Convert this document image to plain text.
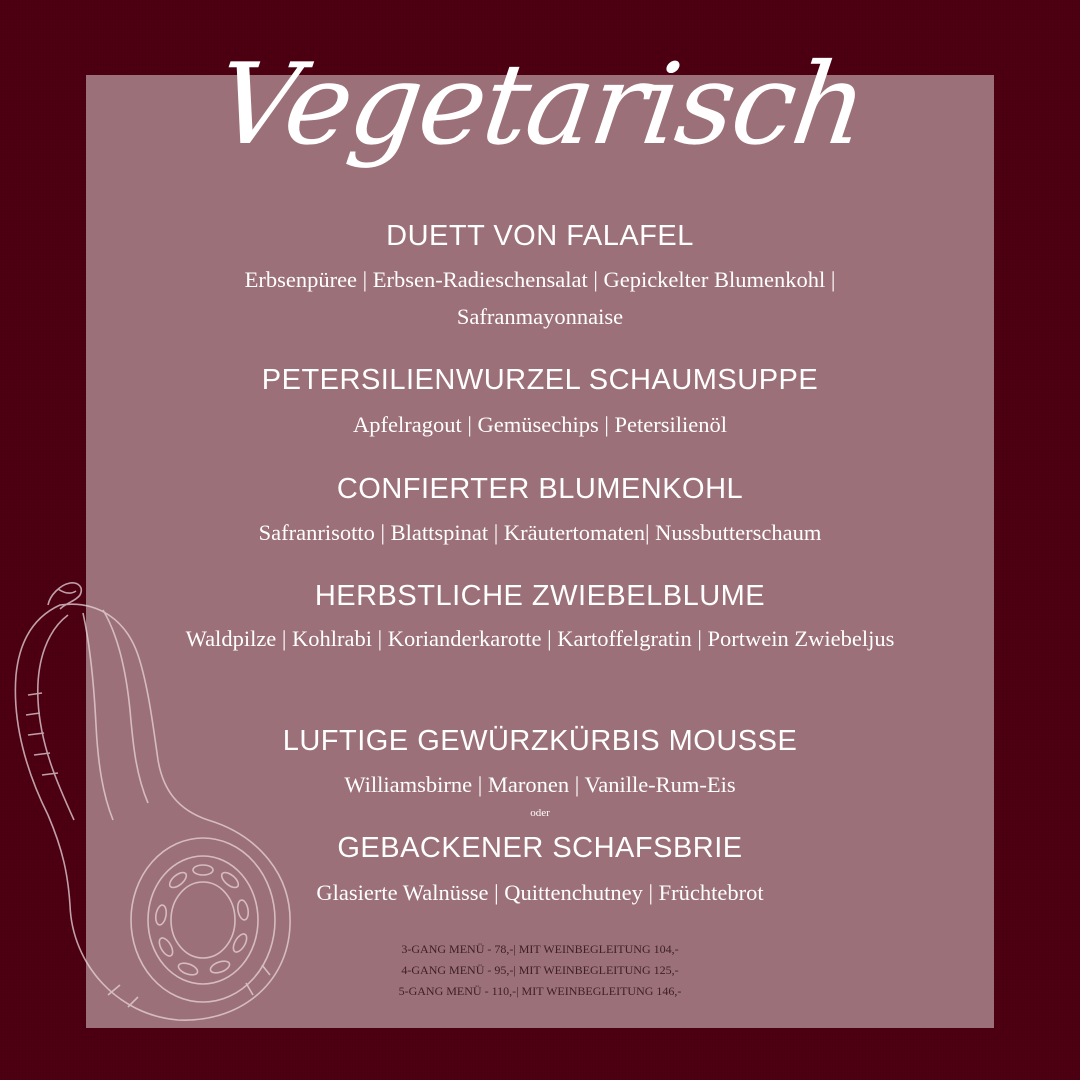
Vegetarisch
DUETT VON FALAFEL
Erbsenpüree | Erbsen-Radieschensalat | Gepickelter Blumenkohl | Safranmayonnaise
PETERSILIENWURZEL SCHAUMSUPPE
Apfelragout | Gemüsechips | Petersilienöl
CONFIERTER BLUMENKOHL
Safranrisotto | Blattspinat | Kräutertomaten| Nussbutterschaum
HERBSTLICHE ZWIEBELBLUME
Waldpilze | Kohlrabi | Korianderkarotte | Kartoffelgratin | Portwein Zwiebeljus
LUFTIGE GEWÜRZKÜRBIS MOUSSE
Williamsbirne | Maronen | Vanille-Rum-Eis
oder
GEBACKENER SCHAFSBRIE
Glasierte Walnüsse | Quittenchutney | Früchtebrot
3-GANG MENÜ - 78,-| MIT WEINBEGLEITUNG 104,-
4-GANG MENÜ - 95,-| MIT WEINBEGLEITUNG 125,-
5-GANG MENÜ - 110,-| MIT WEINBEGLEITUNG 146,-
